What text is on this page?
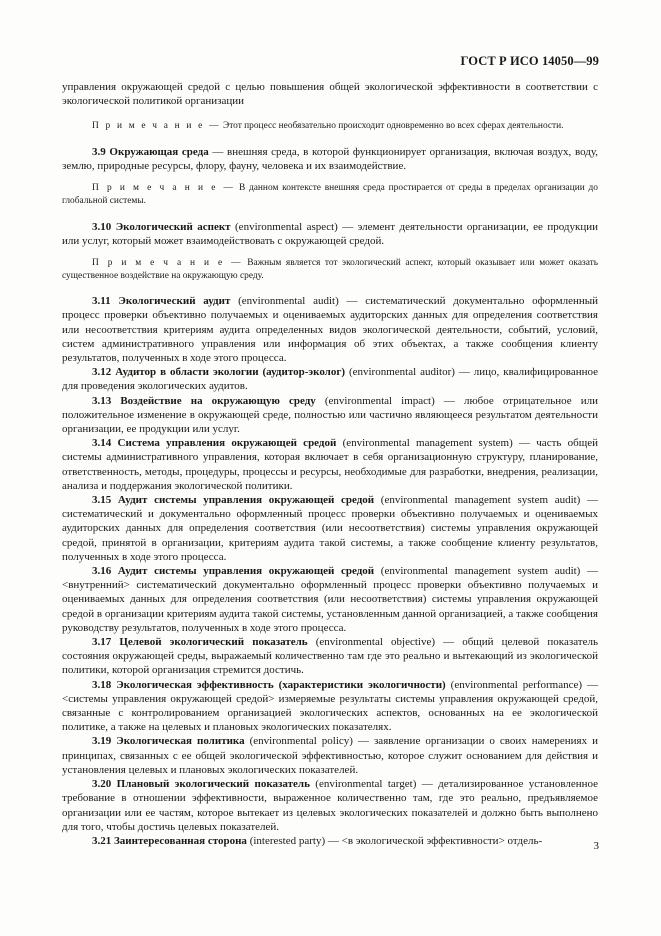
ГОСТ Р ИСО 14050—99

управления окружающей средой с целью повышения общей экологической эффективности в соответствии с экологической политикой организации

П р и м е ч а н и е — Этот процесс необязательно происходит одновременно во всех сферах деятельности.

3.9 Окружающая среда — внешняя среда, в которой функционирует организация, включая воздух, воду, землю, природные ресурсы, флору, фауну, человека и их взаимодействие.

П р и м е ч а н и е — В данном контексте внешняя среда простирается от среды в пределах организации до глобальной системы.

3.10 Экологический аспект (environmental aspect) — элемент деятельности организации, ее продукции или услуг, который может взаимодействовать с окружающей средой.

П р и м е ч а н и е — Важным является тот экологический аспект, который оказывает или может оказать существенное воздействие на окружающую среду.

3.11 Экологический аудит (environmental audit) — систематический документально оформленный процесс проверки объективно получаемых и оцениваемых аудиторских данных для определения соответствия или несоответствия критериям аудита определенных видов экологической деятельности, событий, условий, систем административного управления или информация об этих объектах, а также сообщения клиенту результатов, полученных в ходе этого процесса.

3.12 Аудитор в области экологии (аудитор-эколог) (environmental auditor) — лицо, квалифицированное для проведения экологических аудитов.

3.13 Воздействие на окружающую среду (environmental impact) — любое отрицательное или положительное изменение в окружающей среде, полностью или частично являющееся результатом деятельности организации, ее продукции или услуг.

3.14 Система управления окружающей средой (environmental management system) — часть общей системы административного управления, которая включает в себя организационную структуру, планирование, ответственность, методы, процедуры, процессы и ресурсы, необходимые для разработки, внедрения, реализации, анализа и поддержания экологической политики.

3.15 Аудит системы управления окружающей средой (environmental management system audit) — систематический и документально оформленный процесс проверки объективно получаемых и оцениваемых аудиторских данных для определения соответствия (или несоответствия) системы управления окружающей средой, принятой в организации, критериям аудита такой системы, а также сообщение клиенту результатов, полученных в ходе этого процесса.

3.16 Аудит системы управления окружающей средой (environmental management system audit) — <внутренний> систематический документально оформленный процесс проверки объективно получаемых и оцениваемых данных для определения соответствия (или несоответствия) системы управления окружающей средой в организации критериям аудита такой системы, установленным данной организацией, а также сообщения руководству результатов, полученных в ходе этого процесса.

3.17 Целевой экологический показатель (environmental objective) — общий целевой показатель состояния окружающей среды, выражаемый количественно там где это реально и вытекающий из экологической политики, которой организация стремится достичь.

3.18 Экологическая эффективность (характеристики экологичности) (environmental performance) — <системы управления окружающей средой> измеряемые результаты системы управления окружающей средой, связанные с контролированием организацией экологических аспектов, основанных на ее экологической политике, а также на целевых и плановых экологических показателях.

3.19 Экологическая политика (environmental policy) — заявление организации о своих намерениях и принципах, связанных с ее общей экологической эффективностью, которое служит основанием для действия и установления целевых и плановых экологических показателей.

3.20 Плановый экологический показатель (environmental target) — детализированное установленное требование в отношении эффективности, выраженное количественно там, где это реально, предъявляемое организации или ее частям, которое вытекает из целевых экологических показателей и должно быть выполнено для того, чтобы достичь целевых показателей.

3.21 Заинтересованная сторона (interested party) — <в экологической эффективности> отдель-	3
